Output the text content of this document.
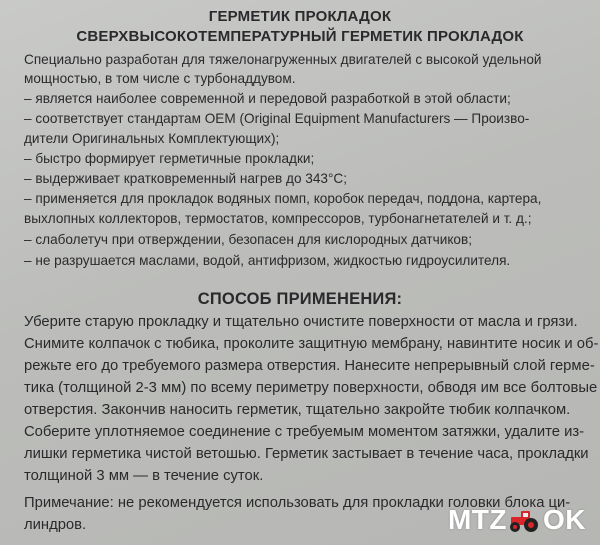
ГЕРМЕТИК ПРОКЛАДОК
СВЕРХВЫСОКОТЕМПЕРАТУРНЫЙ ГЕРМЕТИК ПРОКЛАДОК
Специально разработан для тяжелонагруженных двигателей с высокой удельной
мощностью, в том числе с турбонаддувом.
– является наиболее современной и передовой разработкой в этой области;
– соответствует стандартам OEM (Original Equipment Manufacturers — Произво-
дители Оригинальных Комплектующих);
– быстро формирует герметичные прокладки;
– выдерживает кратковременный нагрев до 343°C;
– применяется для прокладок водяных помп, коробок передач, поддона, картера,
выхлопных коллекторов, термостатов, компрессоров, турбонагнетателей и т. д.;
– слаболетуч при отверждении, безопасен для кислородных датчиков;
– не разрушается маслами, водой, антифризом, жидкостью гидроусилителя.
СПОСОБ ПРИМЕНЕНИЯ:
Уберите старую прокладку и тщательно очистите поверхности от масла и грязи.
Снимите колпачок с тюбика, проколите защитную мембрану, навинтите носик и об-
режьте его до требуемого размера отверстия. Нанесите непрерывный слой герме-
тика (толщиной 2-3 мм) по всему периметру поверхности, обводя им все болтовые
отверстия. Закончив наносить герметик, тщательно закройте тюбик колпачком.
Соберите уплотняемое соединение с требуемым моментом затяжки, удалите из-
лишки герметика чистой ветошью. Герметик застывает в течение часа, прокладки
толщиной 3 мм — в течение суток.
Примечание: не рекомендуется использовать для прокладки головки блока ци-
линдров.	MTZ OK
